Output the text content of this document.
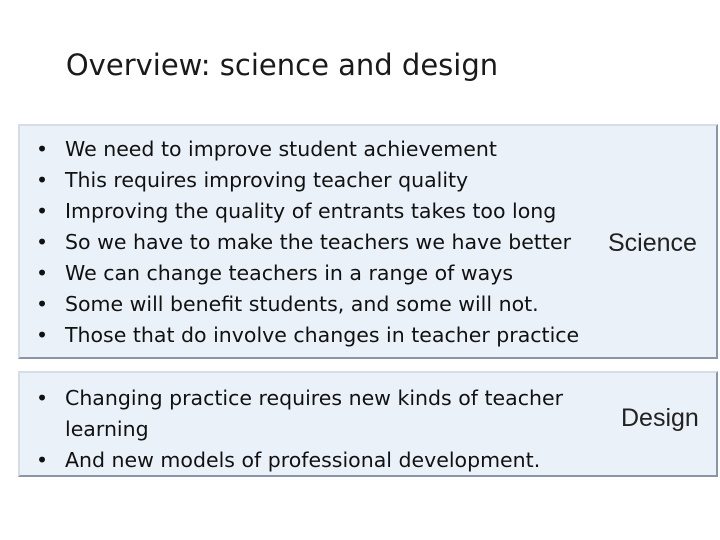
Overview: science and design
• We need to improve student achievement
• This requires improving teacher quality
• Improving the quality of entrants takes too long
• So we have to make the teachers we have better
• We can change teachers in a range of ways
• Some will benefit students, and some will not.
• Those that do involve changes in teacher practice
Science
• Changing practice requires new kinds of teacher learning
• And new models of professional development.
Design
